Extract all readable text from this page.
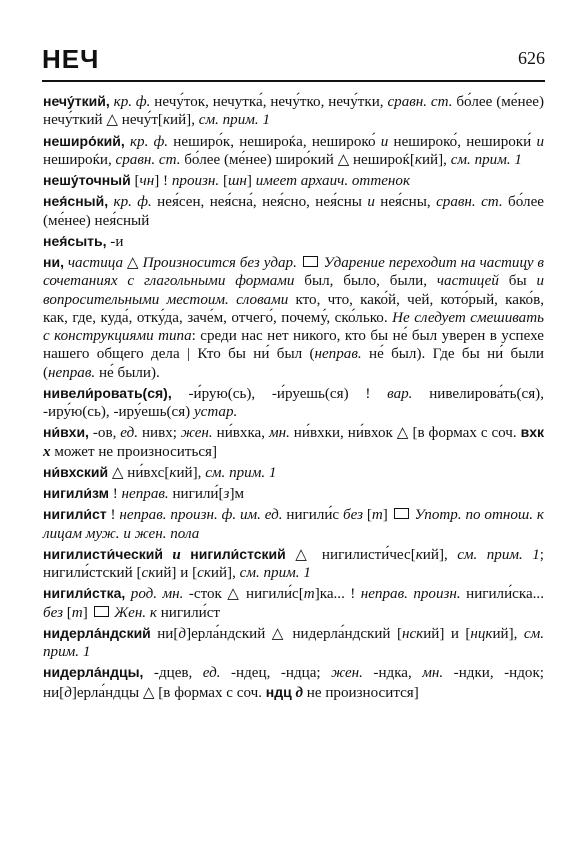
НЕЧ	626

нечу́ткий, кр. ф. нечу́ток, нечутка́, нечу́тко, нечу́тки, сравн. ст. бо́лее (ме́нее) нечу́ткий △ нечу́т[кий], см. прим. 1

неширо́кий, кр. ф. неширо́к, нешироќа, нешироко́ и нешироко́, нешироки́ и нешироќи, сравн. ст. бо́лее (ме́нее) широ́кий △ нешироќ[кий], см. прим. 1

нешу́точный [чн] ! произн. [шн] имеет архаич. оттенок

нея́сный, кр. ф. нея́сен, нея́сна́, нея́сно, нея́сны и нея́сны, сравн. ст. бо́лее (ме́нее) нея́сный

нея́сыть, -и

ни, частица △ Произносится без удар. Ударение переходит на частицу в сочетаниях с глагольными формами был, было, были, частицей бы и вопросительными местоим. словами кто, что, како́й, чей, кото́рый, како́в, как, где, куда́, отку́да, заче́м, отчего́, почему́, ско́лько. Не следует смешивать с конструкциями типа: среди нас нет никого, кто бы не́ был уверен в успехе нашего общего дела | Кто бы ни́ был (неправ. не́ был). Где бы ни́ были (неправ. не́ были).

нивели́ровать(ся), -и́рую(сь), -и́руешь(ся) ! вар. нивелирова́ть(ся), -иру́ю(сь), -иру́ешь(ся) устар.

ни́вхи, -ов, ед. нивх; жен. ни́вхка, мн. ни́вхки, ни́вхок △ [в формах с соч. вхк х может не произноситься]

ни́вхский △ ни́вхс[кий], см. прим. 1

нигили́зм ! неправ. нигили́[з]м

нигили́ст ! неправ. произн. ф. им. ед. нигили́с без [т]  Употр. по отнош. к лицам муж. и жен. пола

нигилисти́ческий и нигили́стский △ нигилисти́чес[кий], см. прим. 1; нигили́стский [ский] и [ский], см. прим. 1

нигили́стка, род. мн. -сток △ нигили́с[т]ка... ! неправ. произн. нигили́ска... без [т]  Жен. к нигили́ст

нидерла́ндский ни[д]ерла́ндский △ нидерла́ндский [нский] и [нцкий], см. прим. 1

нидерла́ндцы, -дцев, ед. -ндец, -ндца; жен. -ндка, мн. -ндки, -ндок; ни[д]ерла́ндцы △ [в формах с соч. ндц д не произносится]
